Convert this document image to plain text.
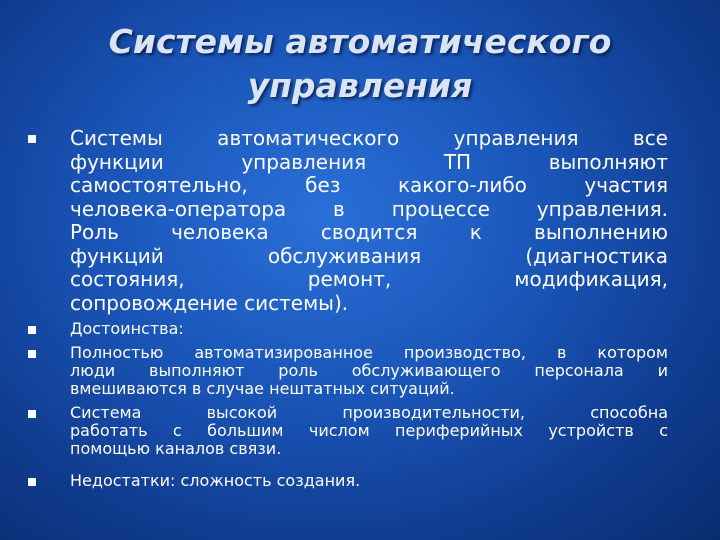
Системы автоматического
управления
Системы автоматического управления все
функции управления ТП выполняют
самостоятельно, без какого-либо участия
человека-оператора в процессе управления.
Роль человека сводится к выполнению
функций обслуживания (диагностика
состояния, ремонт, модификация,
сопровождение системы).
Достоинства:
Полностью автоматизированное производство, в котором
люди выполняют роль обслуживающего персонала и
вмешиваются в случае нештатных ситуаций.
Система высокой производительности, способна
работать с большим числом периферийных устройств с
помощью каналов связи.
Недостатки: сложность создания.
